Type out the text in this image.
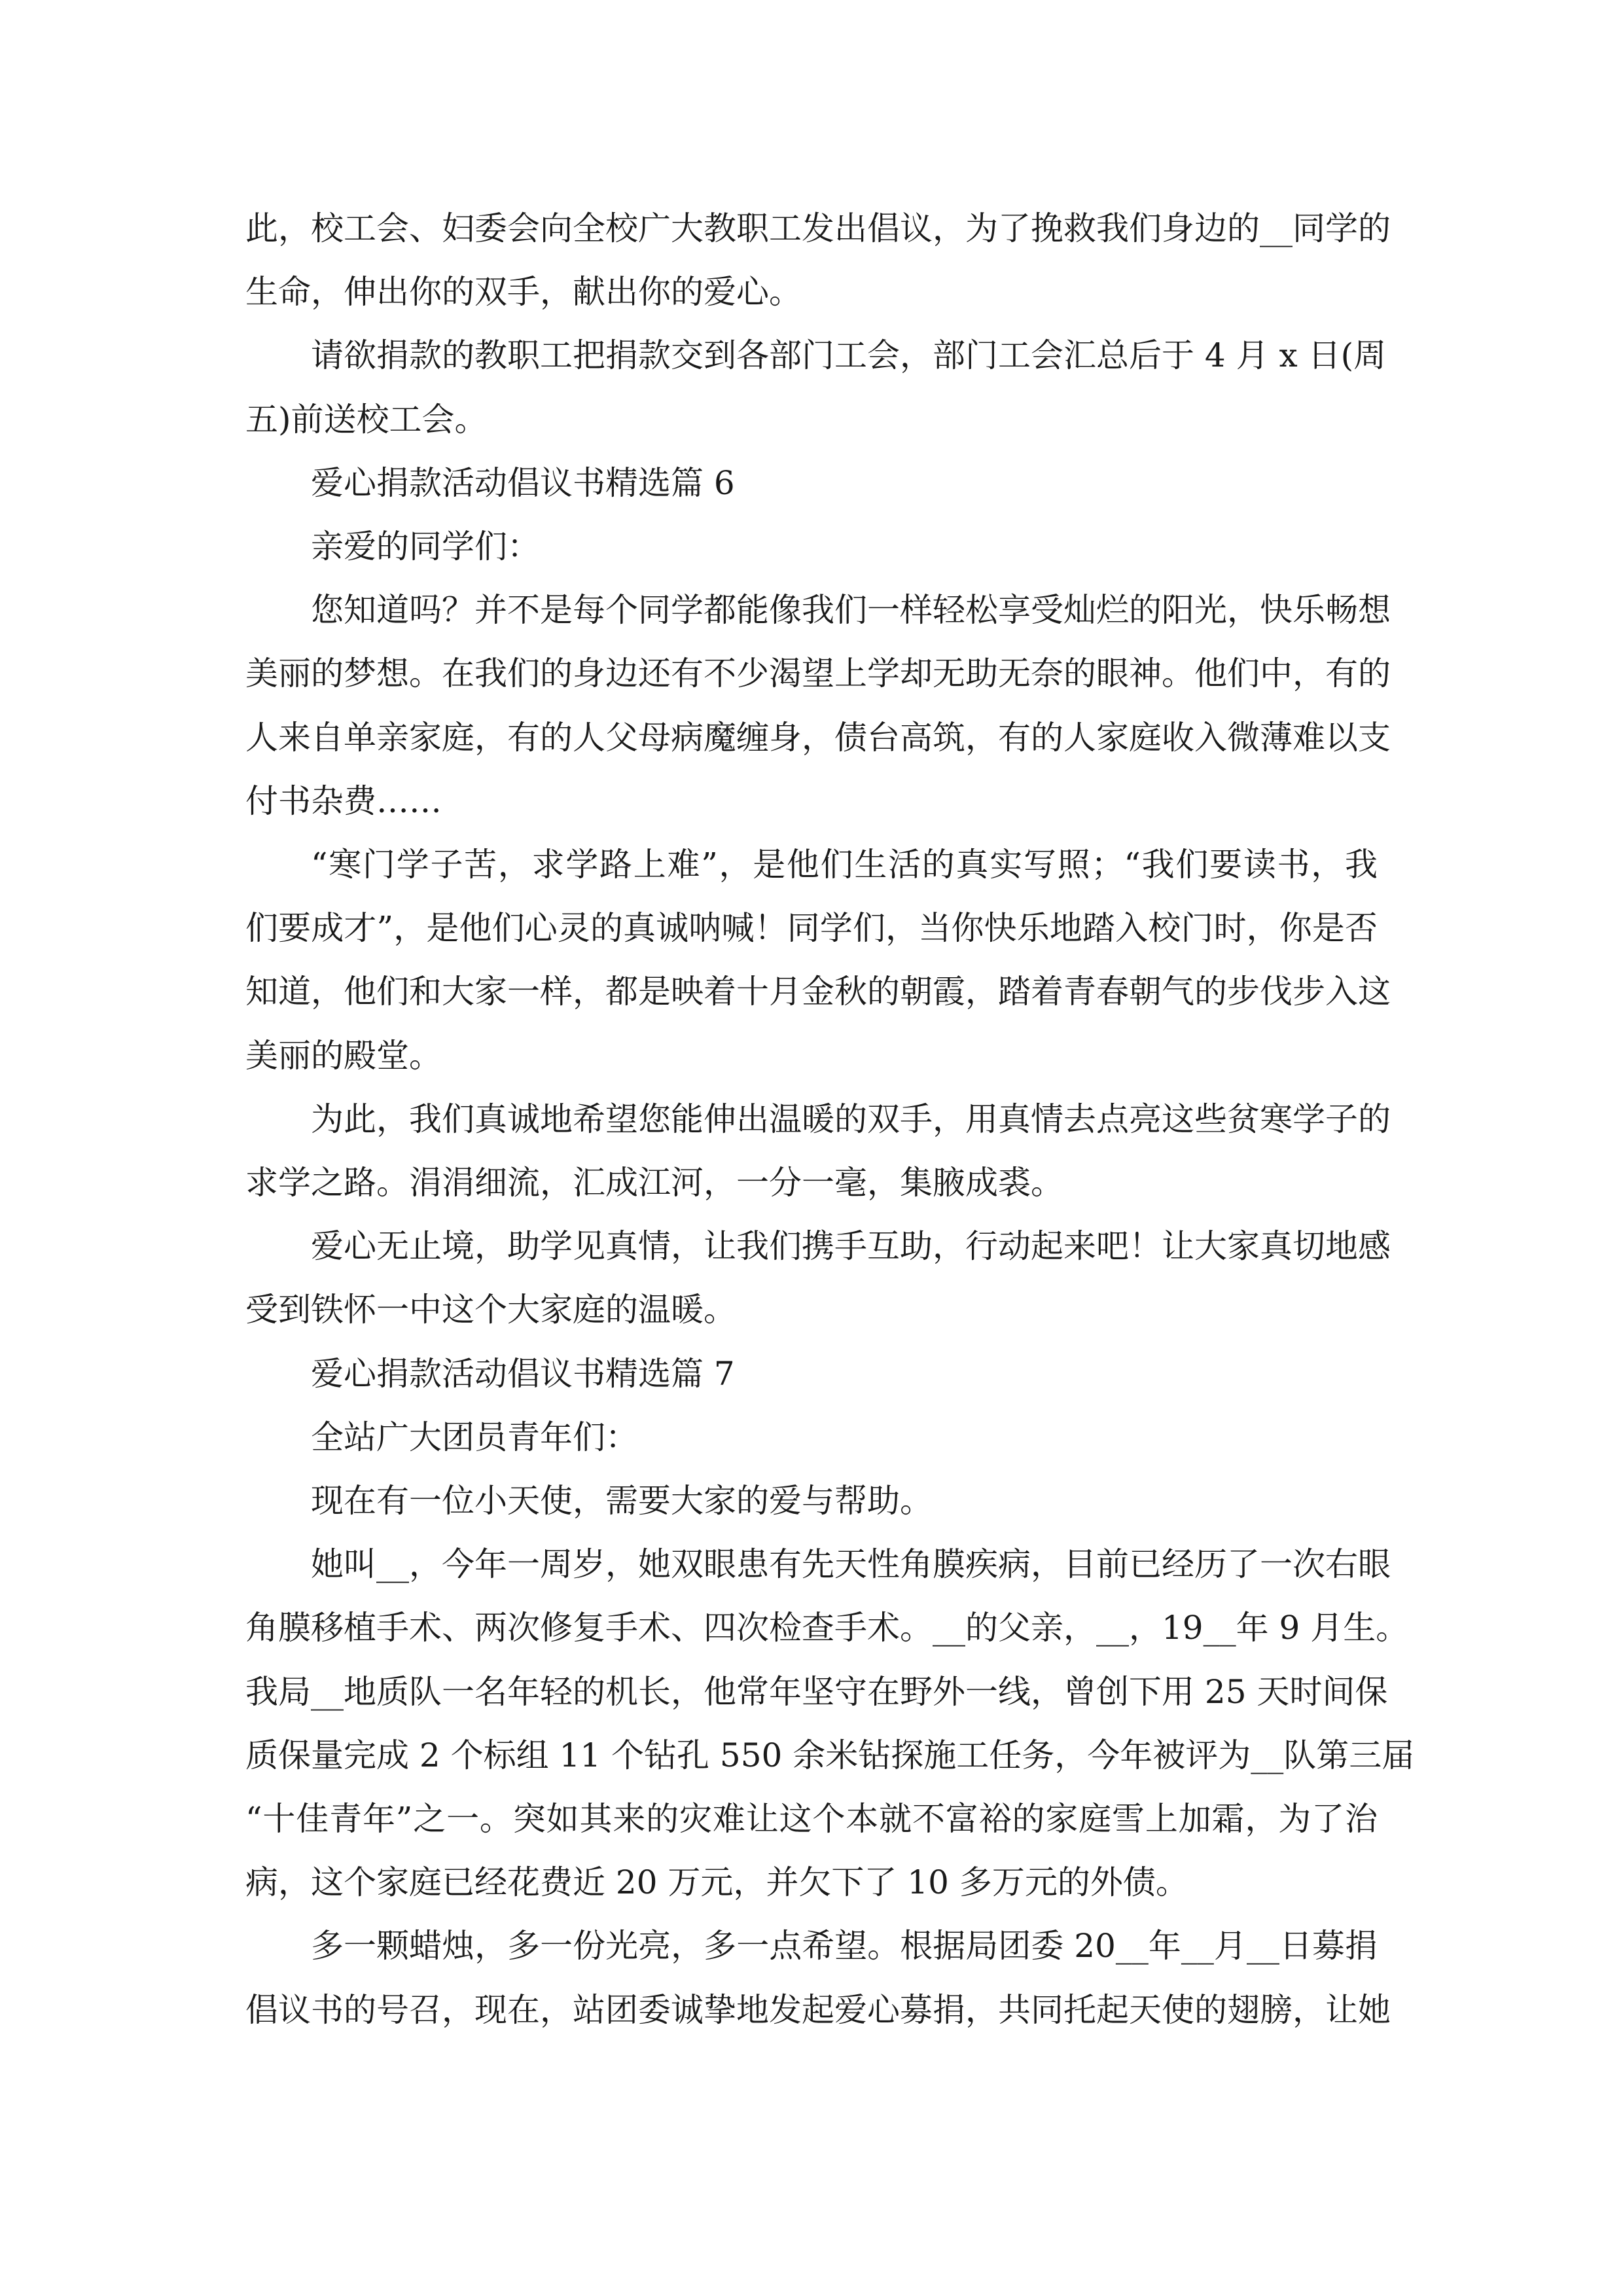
此，校工会、妇委会向全校广大教职工发出倡议，为了挽救我们身边的__同学的
生命，伸出你的双手，献出你的爱心。
请欲捐款的教职工把捐款交到各部门工会，部门工会汇总后于 4 月 x 日(周
五)前送校工会。
爱心捐款活动倡议书精选篇 6
亲爱的同学们：
您知道吗？并不是每个同学都能像我们一样轻松享受灿烂的阳光，快乐畅想
美丽的梦想。在我们的身边还有不少渴望上学却无助无奈的眼神。他们中，有的
人来自单亲家庭，有的人父母病魔缠身，债台高筑，有的人家庭收入微薄难以支
付书杂费……
“寒门学子苦，求学路上难”，是他们生活的真实写照；“我们要读书，我
们要成才”，是他们心灵的真诚呐喊！同学们，当你快乐地踏入校门时，你是否
知道，他们和大家一样，都是映着十月金秋的朝霞，踏着青春朝气的步伐步入这
美丽的殿堂。
为此，我们真诚地希望您能伸出温暖的双手，用真情去点亮这些贫寒学子的
求学之路。涓涓细流，汇成江河，一分一毫，集腋成裘。
爱心无止境，助学见真情，让我们携手互助，行动起来吧！让大家真切地感
受到铁怀一中这个大家庭的温暖。
爱心捐款活动倡议书精选篇 7
全站广大团员青年们：
现在有一位小天使，需要大家的爱与帮助。
她叫__，今年一周岁，她双眼患有先天性角膜疾病，目前已经历了一次右眼
角膜移植手术、两次修复手术、四次检查手术。__的父亲，__，19__年 9 月生。
我局__地质队一名年轻的机长，他常年坚守在野外一线，曾创下用 25 天时间保
质保量完成 2 个标组 11 个钻孔 550 余米钻探施工任务，今年被评为__队第三届
“十佳青年”之一。突如其来的灾难让这个本就不富裕的家庭雪上加霜，为了治
病，这个家庭已经花费近 20 万元，并欠下了 10 多万元的外债。
多一颗蜡烛，多一份光亮，多一点希望。根据局团委 20__年__月__日募捐
倡议书的号召，现在，站团委诚挚地发起爱心募捐，共同托起天使的翅膀，让她
